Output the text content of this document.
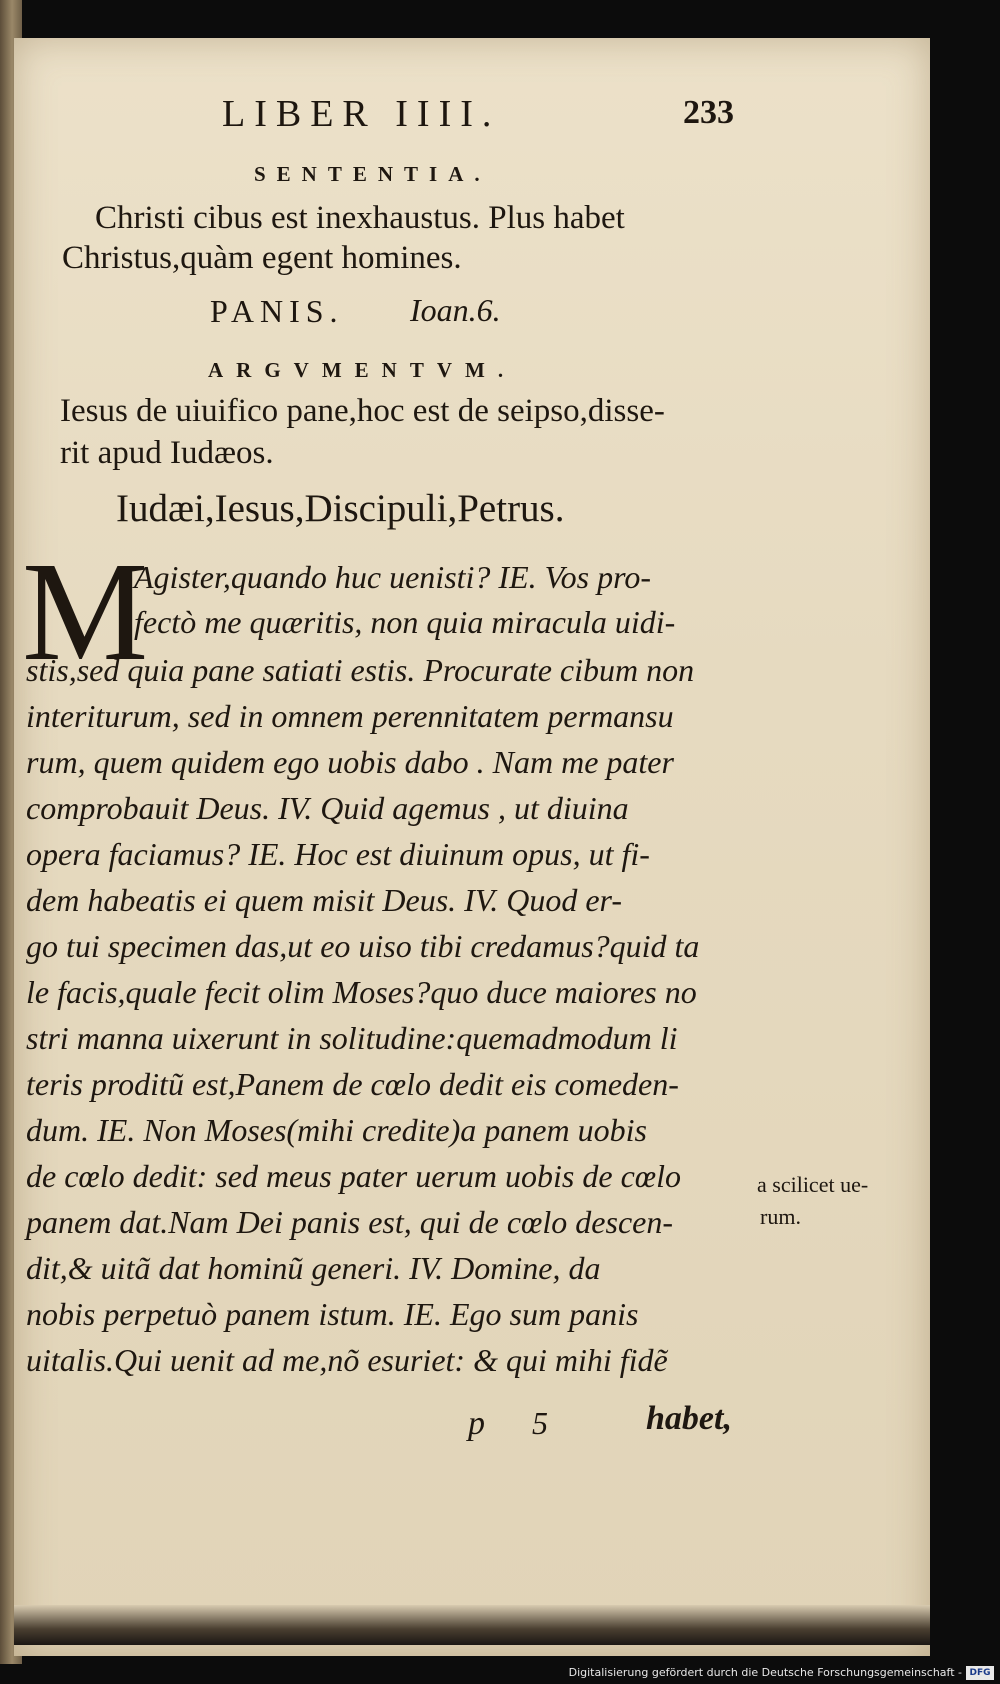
LIBER IIII.	233
SENTENTIA.
Christi cibus est inexhaustus. Plus habet
Christus,quàm egent homines.
PANIS. Ioan.6.
ARGVMENTVM.
Iesus de uiuifico pane,hoc est de seipso,disse-
rit apud Iudæos.
Iudæi,Iesus,Discipuli,Petrus.
M
Agister,quando huc uenisti? IE. Vos pro-
fectò me quæritis, non quia miracula uidi-
stis,sed quia pane satiati estis. Procurate cibum non
interiturum, sed in omnem perennitatem permansu
rum, quem quidem ego uobis dabo . Nam me pater
comprobauit Deus. IV. Quid agemus , ut diuina
opera faciamus? IE. Hoc est diuinum opus, ut fi-
dem habeatis ei quem misit Deus. IV. Quod er-
go tui specimen das,ut eo uiso tibi credamus?quid ta
le facis,quale fecit olim Moses?quo duce maiores no
stri manna uixerunt in solitudine:quemadmodum li
teris proditũ est,Panem de cœlo dedit eis comeden-
dum. IE. Non Moses(mihi credite)a panem uobis
de cœlo dedit: sed meus pater uerum uobis de cœlo
panem dat.Nam Dei panis est, qui de cœlo descen-
dit,& uitã dat hominũ generi. IV. Domine, da
nobis perpetuò panem istum. IE. Ego sum panis
uitalis.Qui uenit ad me,nõ esuriet: & qui mihi fidẽ
a scilicet ue-
rum.
p 5	habet,
Digitalisierung gefördert durch die Deutsche Forschungsgemeinschaft - DFG
